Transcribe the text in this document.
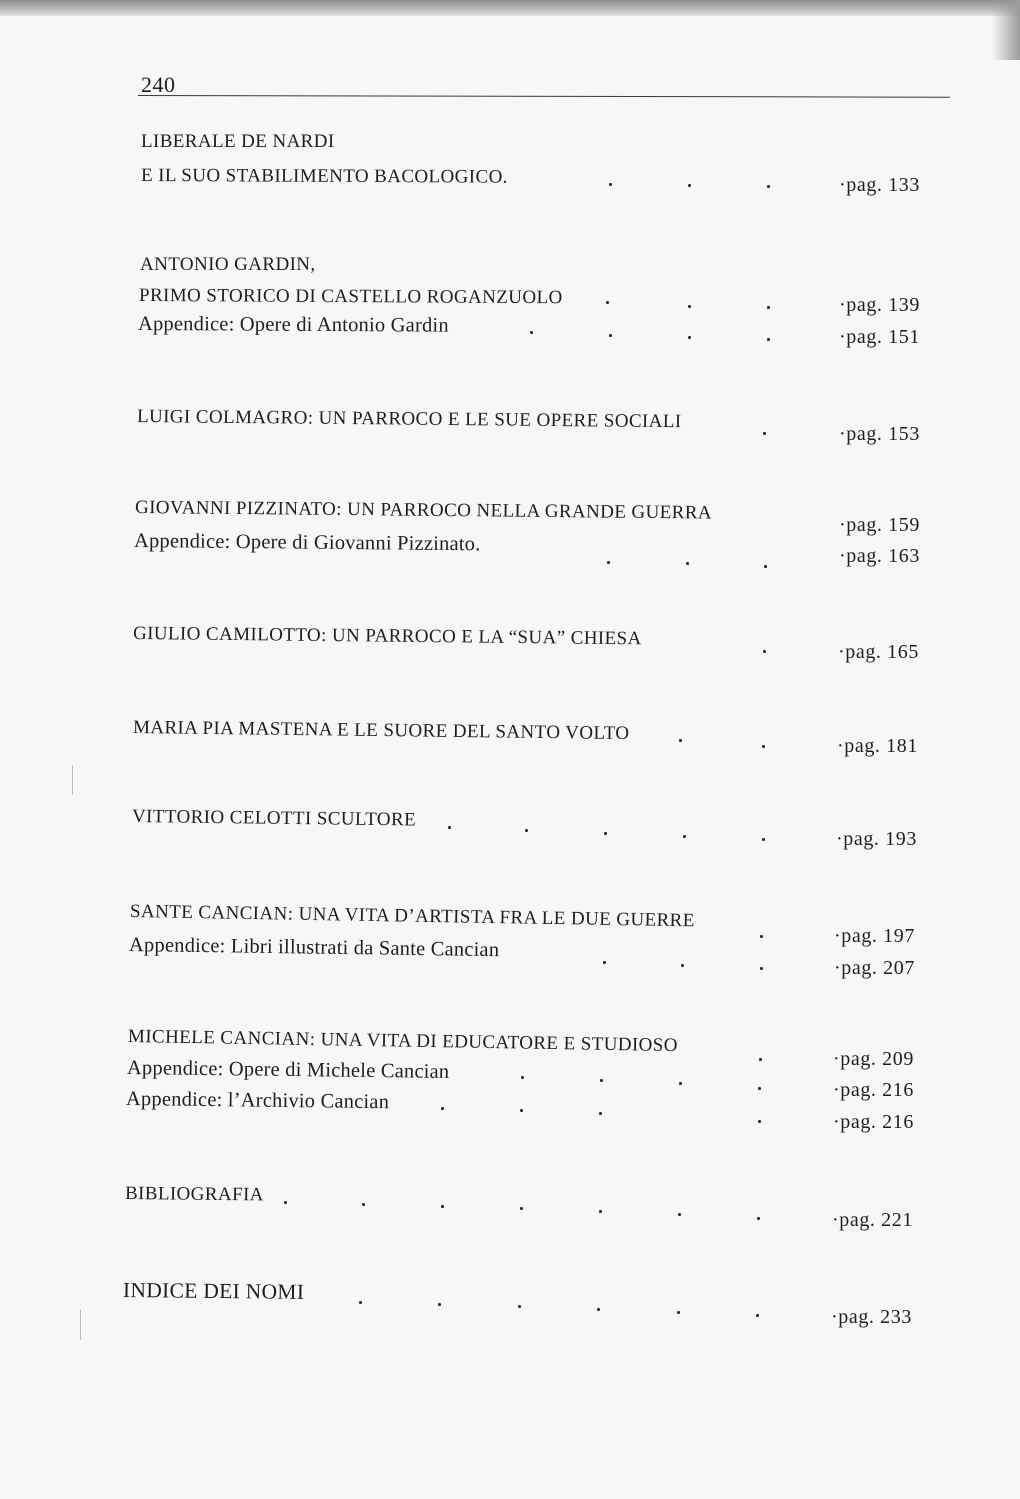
240
LIBERALE DE NARDI
E IL SUO STABILIMENTO BACOLOGICO.	·pag. 133
ANTONIO GARDIN,
PRIMO STORICO DI CASTELLO ROGANZUOLO
Appendice: Opere di Antonio Gardin
·pag. 139
·pag. 151
LUIGI COLMAGRO: UN PARROCO E LE SUE OPERE SOCIALI
·pag. 153
GIOVANNI PIZZINATO: UN PARROCO NELLA GRANDE GUERRA
Appendice: Opere di Giovanni Pizzinato.
·pag. 159
·pag. 163
GIULIO CAMILOTTO: UN PARROCO E LA “SUA” CHIESA
·pag. 165
MARIA PIA MASTENA E LE SUORE DEL SANTO VOLTO
·pag. 181
VITTORIO CELOTTI SCULTORE
·pag. 193
SANTE CANCIAN: UNA VITA D’ARTISTA FRA LE DUE GUERRE
Appendice: Libri illustrati da Sante Cancian	·pag. 197
·pag. 207
MICHELE CANCIAN: UNA VITA DI EDUCATORE E STUDIOSO
Appendice: Opere di Michele Cancian
Appendice: l’Archivio Cancian
·pag. 209
·pag. 216
·pag. 216
BIBLIOGRAFIA
·pag. 221
INDICE DEI NOMI
·pag. 233
